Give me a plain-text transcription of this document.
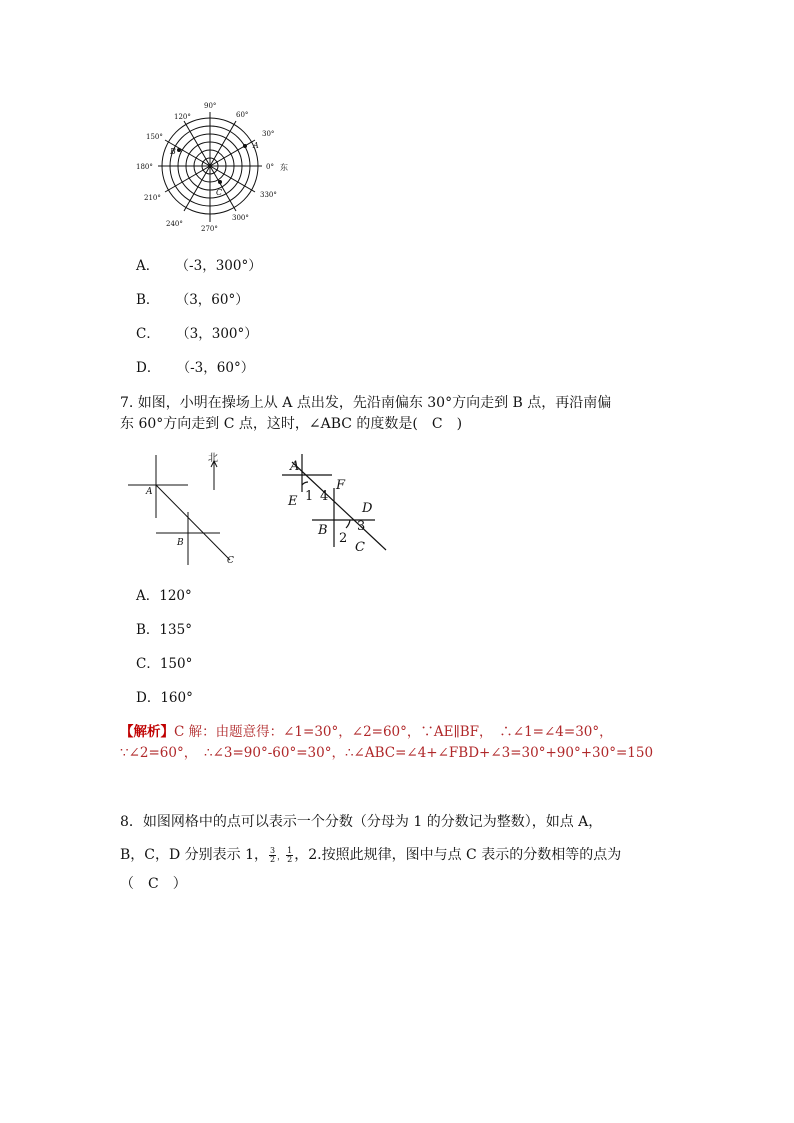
90°
60°
120°
30°
150°
180°	0° 东
210°	330°
240°
300°
270°
A
B
C
A． （-3，300°）
B． （3，60°）
C． （3，300°）
D． （-3，60°）
7. 如图，小明在操场上从 A 点出发，先沿南偏东 30°方向走到 B 点，再沿南偏
东 60°方向走到 C 点，这时，∠ABC 的度数是(　C　)
北
A
B
C
A
E 1 4
F
D
3
B
2
C
A．120°
B．135°
C．150°
D．160°
【解析】C 解：由题意得：∠1=30°，∠2=60°，∵AE∥BF，　∴∠1=∠4=30°，
∵∠2=60°，　∴∠3=90°-60°=30°，∴∠ABC=∠4+∠FBD+∠3=30°+90°+30°=150
8．如图网格中的点可以表示一个分数（分母为 1 的分数记为整数），如点 A，
B，C，D 分别表示 1， $\frac{3}{2}$ ， $\frac{1}{2}$ ，2.按照此规律，图中与点 C 表示的分数相等的点为
（　C　）
